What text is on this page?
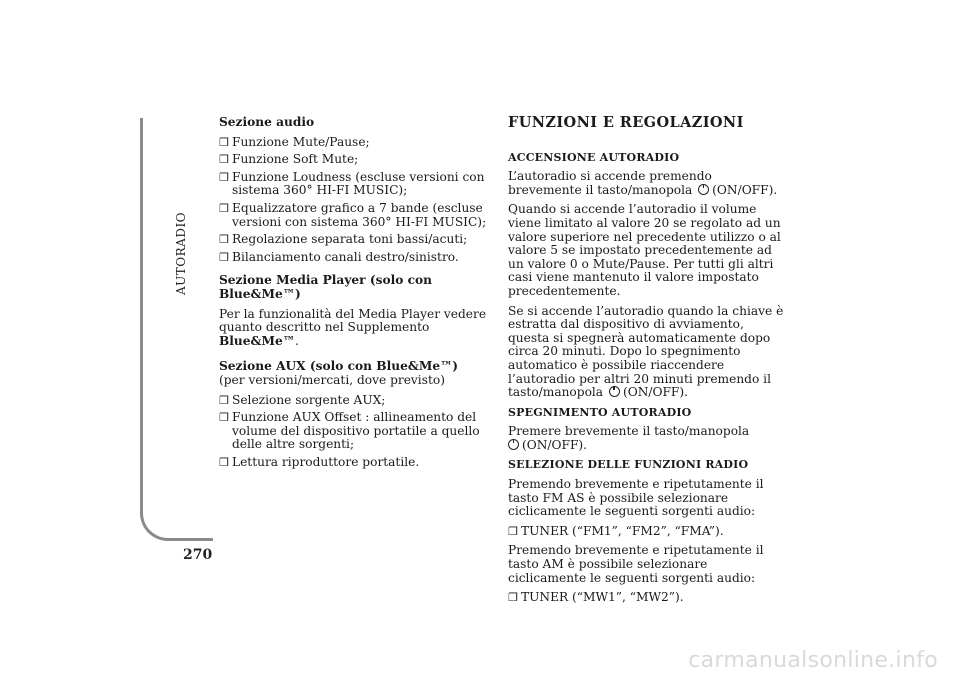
AUTORADIO
270

Sezione audio

❒ Funzione Mute/Pause;
❒ Funzione Soft Mute;
❒ Funzione Loudness (escluse versioni con sistema 360° HI-FI MUSIC);
❒ Equalizzatore grafico a 7 bande (escluse versioni con sistema 360° HI-FI MUSIC);
❒ Regolazione separata toni bassi/acuti;
❒ Bilanciamento canali destro/sinistro.

Sezione Media Player (solo con Blue&Me™)

Per la funzionalità del Media Player vedere quanto descritto nel Supplemento Blue&Me™.

Sezione AUX (solo con Blue&Me™)

(per versioni/mercati, dove previsto)

❒ Selezione sorgente AUX;
❒ Funzione AUX Offset : allineamento del volume del dispositivo portatile a quello delle altre sorgenti;
❒ Lettura riproduttore portatile.
FUNZIONI E REGOLAZIONI

ACCENSIONE AUTORADIO

L’autoradio si accende premendo brevemente il tasto/manopola (ON/OFF).

Quando si accende l’autoradio il volume viene limitato al valore 20 se regolato ad un valore superiore nel precedente utilizzo o al valore 5 se impostato precedentemente ad un valore 0 o Mute/Pause. Per tutti gli altri casi viene mantenuto il valore impostato precedentemente.

Se si accende l’autoradio quando la chiave è estratta dal dispositivo di avviamento, questa si spegnerà automaticamente dopo circa 20 minuti. Dopo lo spegnimento automatico è possibile riaccendere l’autoradio per altri 20 minuti premendo il tasto/manopola (ON/OFF).

SPEGNIMENTO AUTORADIO

Premere brevemente il tasto/manopola
(ON/OFF).

SELEZIONE DELLE FUNZIONI RADIO

Premendo brevemente e ripetutamente il tasto FM AS è possibile selezionare ciclicamente le seguenti sorgenti audio:

❒ TUNER (“FM1”, “FM2”, “FMA”).

Premendo brevemente e ripetutamente il tasto AM è possibile selezionare ciclicamente le seguenti sorgenti audio:

❒ TUNER (“MW1”, “MW2”).
carmanualsonline.info
